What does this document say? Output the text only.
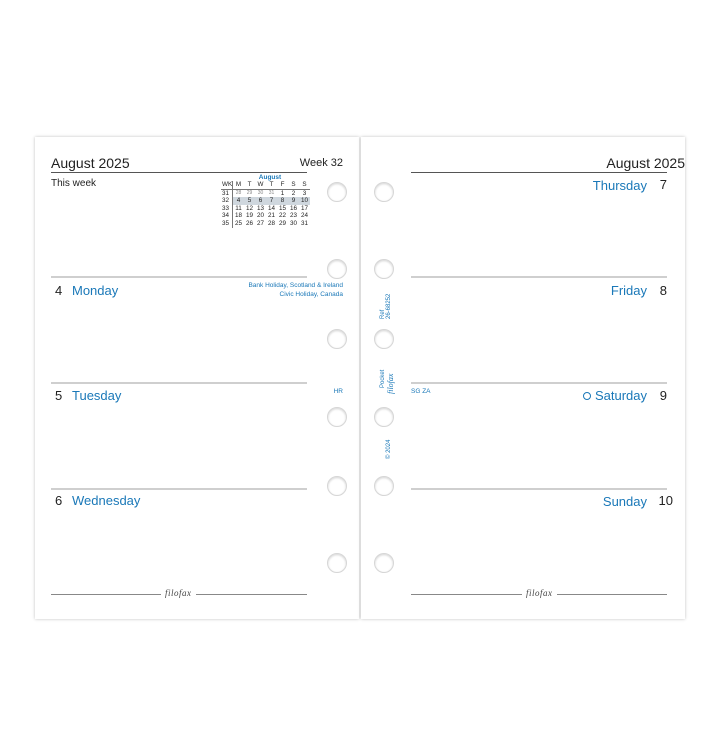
August 2025	Week 32
This week
August
WK M	T W T	F	S	S
31	28	29	30	31	1	2	3
32	4	5	6	7	8	9 10
33 11 12 13 14 15 16 17
34 18 19 20 21 22 23 24
35 25 26 27 28 29 30 31
4 Monday	Bank Holiday, Scotland & Ireland
Civic Holiday, Canada
5 Tuesday	HR
6 Wednesday
filofax
Ref 26-68252
Pocket filofax
© 2024
August 2025
Thursday 7
Friday 8
SG ZA	Saturday 9
Sunday 10
filofax
